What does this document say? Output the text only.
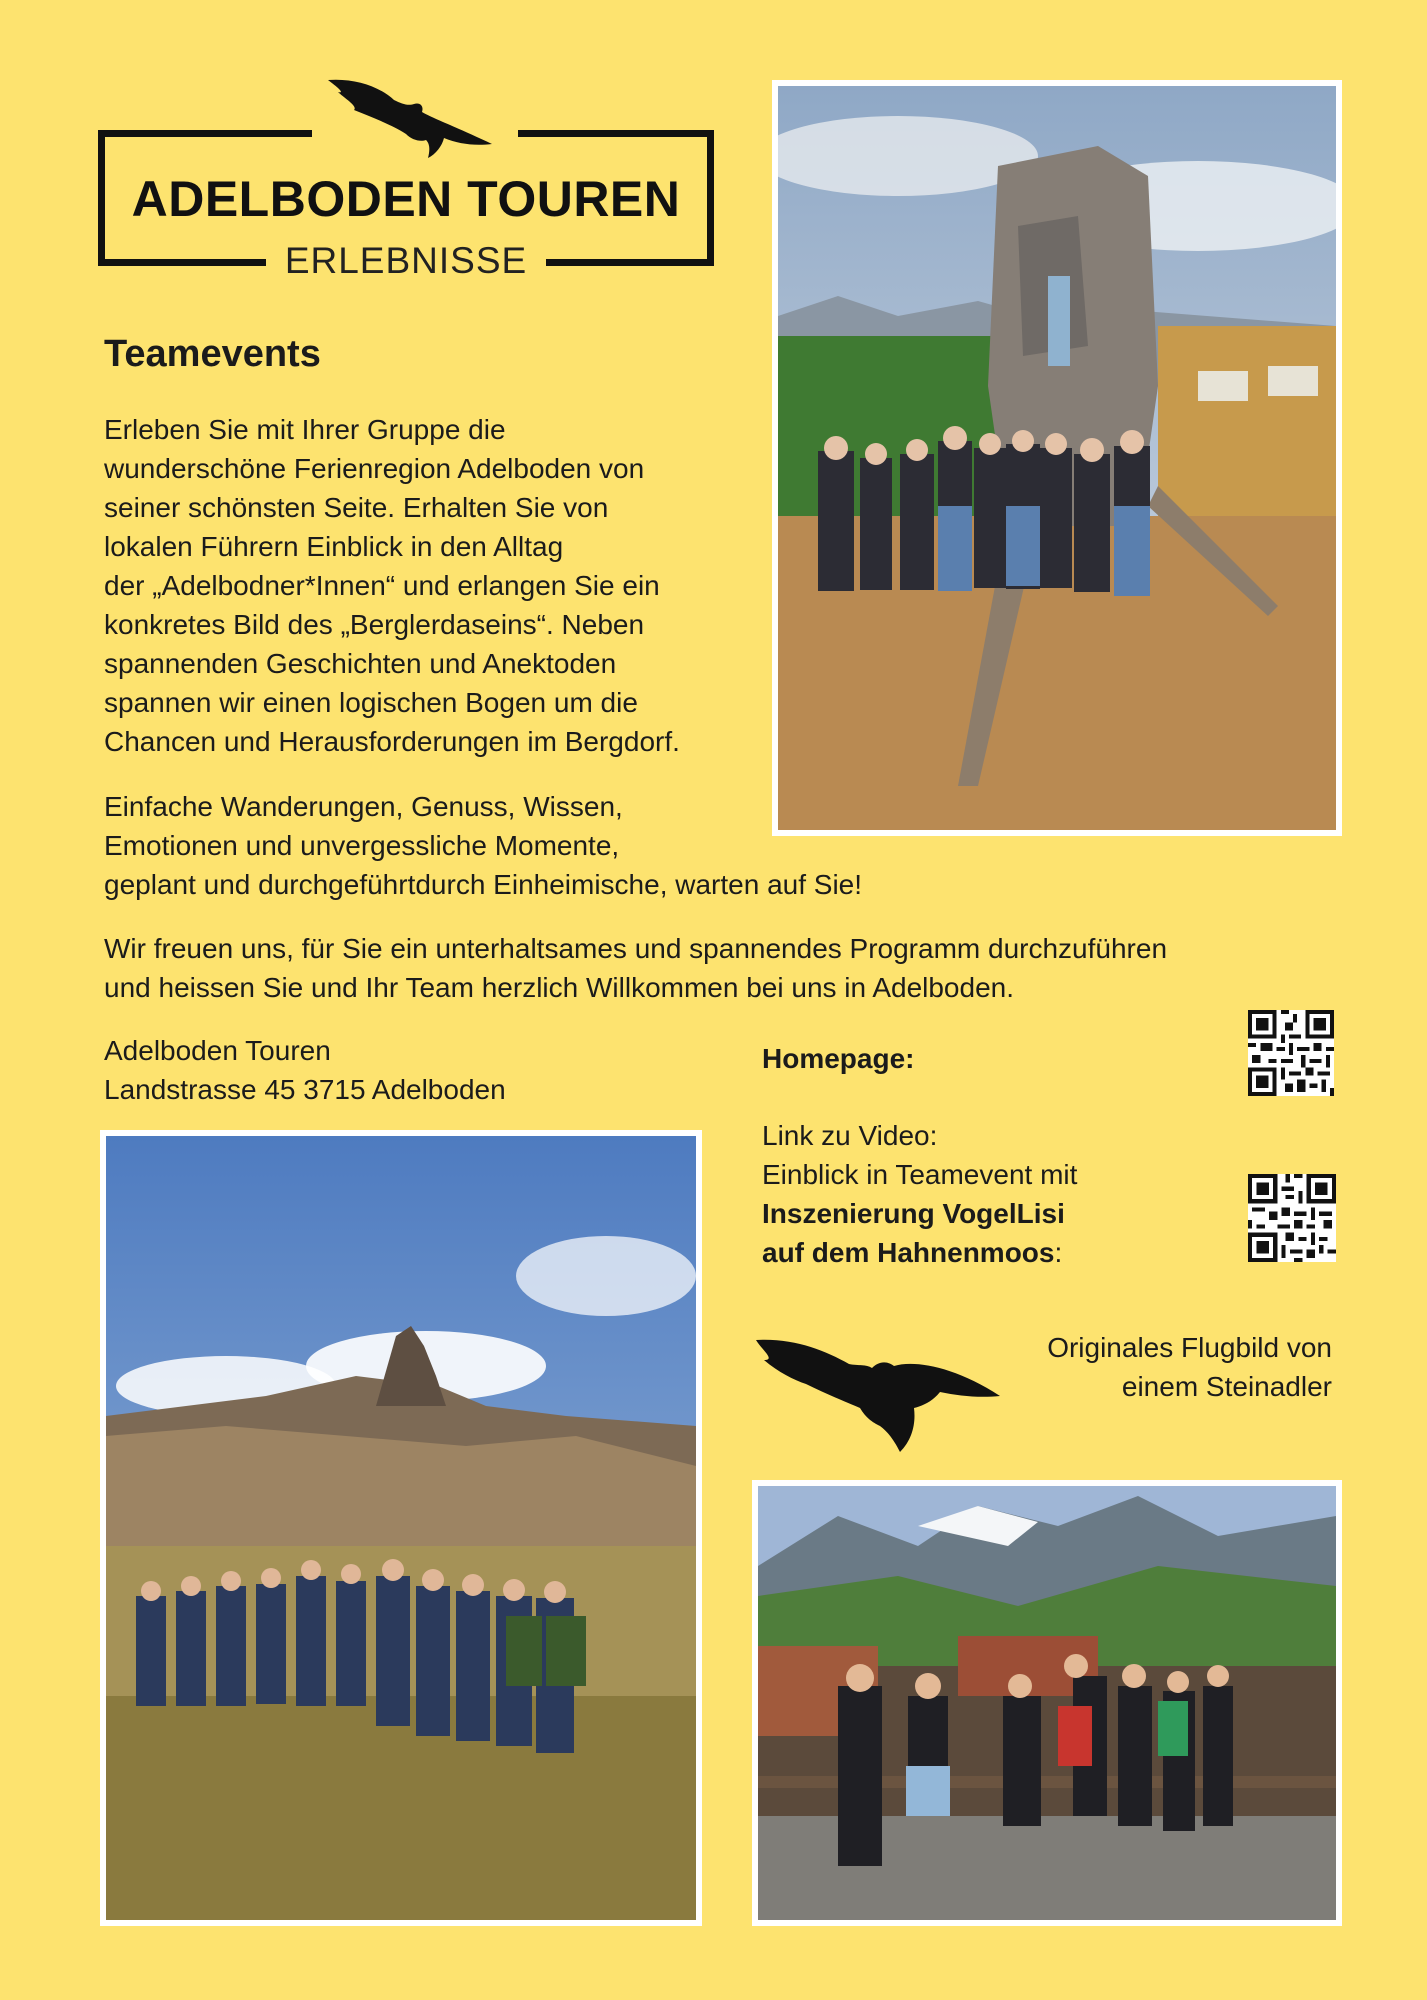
ADELBODEN TOUREN
ERLEBNISSE
Teamevents
Erleben Sie mit Ihrer Gruppe die
wunderschöne Ferienregion Adelboden von
seiner schönsten Seite. Erhalten Sie von
lokalen Führern Einblick in den Alltag
der „Adelbodner*Innen“ und erlangen Sie ein
konkretes Bild des „Berglerdaseins“. Neben
spannenden Geschichten und Anektoden
spannen wir einen logischen Bogen um die
Chancen und Herausforderungen im Bergdorf.
Einfache Wanderungen, Genuss, Wissen,
Emotionen und unvergessliche Momente,
geplant und durchgeführtdurch Einheimische, warten auf Sie!
Wir freuen uns, für Sie ein unterhaltsames und spannendes Programm durchzuführen
und heissen Sie und Ihr Team herzlich Willkommen bei uns in Adelboden.
Adelboden Touren
Landstrasse 45 3715 Adelboden
Homepage:
Link zu Video:
Einblick in Teamevent mit
Inszenierung VogelLisi
auf dem Hahnenmoos:
Originales Flugbild von
einem Steinadler
